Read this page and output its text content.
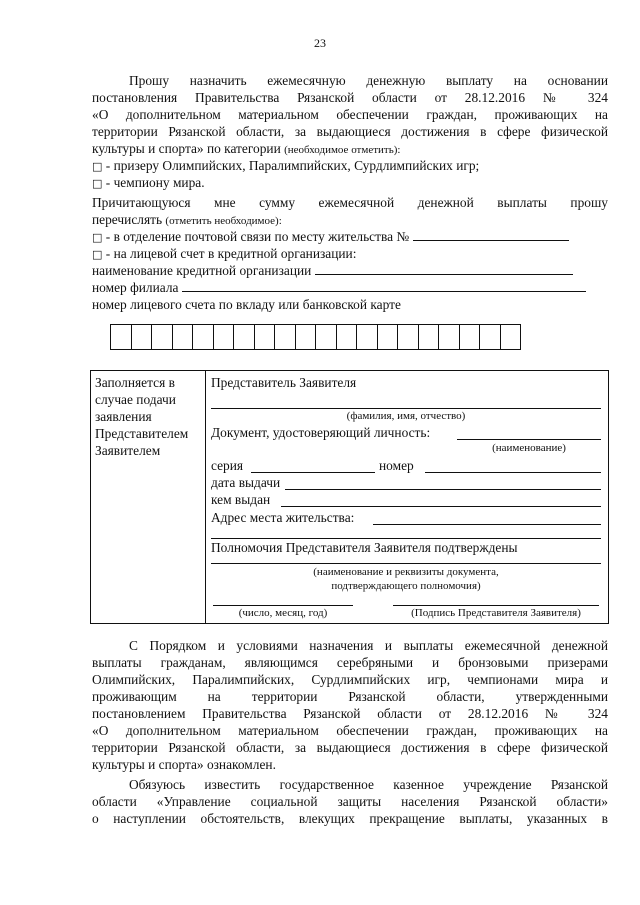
23
Прошу назначить ежемесячную денежную выплату на основании
постановления Правительства Рязанской области от 28.12.2016 № 324
«О дополнительном материальном обеспечении граждан, проживающих на
территории Рязанской области, за выдающиеся достижения в сфере физической
культуры и спорта» по категории (необходимое отметить):
□ - призеру Олимпийских, Паралимпийских, Сурдлимпийских игр;
□ - чемпиону мира.
Причитающуюся мне сумму ежемесячной денежной выплаты прошу
перечислять (отметить необходимое):
□ - в отделение почтовой связи по месту жительства №
□ - на лицевой счет в кредитной организации:
наименование кредитной организации
номер филиала
номер лицевого счета по вкладу или банковской карте
Заполняется в
случае подачи
заявления
Представителем
Заявителем
Представитель Заявителя
(фамилия, имя, отчество)
Документ, удостоверяющий личность:
(наименование)
серия	номер
дата выдачи
кем выдан
Адрес места жительства:
Полномочия Представителя Заявителя подтверждены
(наименование и реквизиты документа,
подтверждающего полномочия)
(число, месяц, год)	(Подпись Представителя Заявителя)
С Порядком и условиями назначения и выплаты ежемесячной денежной
выплаты гражданам, являющимся серебряными и бронзовыми призерами
Олимпийских, Паралимпийских, Сурдлимпийских игр, чемпионами мира и
проживающим на территории Рязанской области, утвержденными
постановлением Правительства Рязанской области от 28.12.2016 № 324
«О дополнительном материальном обеспечении граждан, проживающих на
территории Рязанской области, за выдающиеся достижения в сфере физической
культуры и спорта» ознакомлен.
Обязуюсь известить государственное казенное учреждение Рязанской
области «Управление социальной защиты населения Рязанской области»
о наступлении обстоятельств, влекущих прекращение выплаты, указанных в
